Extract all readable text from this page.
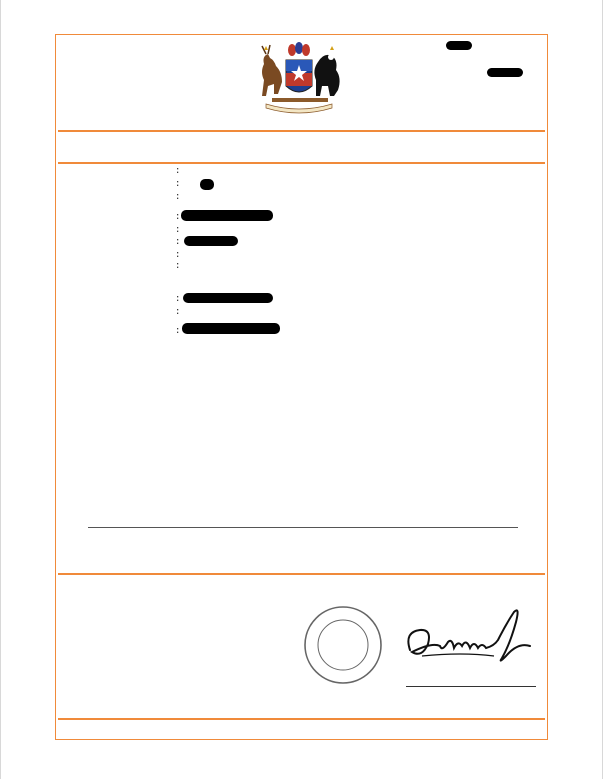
:
:
:
:
:
:
:
:
:
:
:
